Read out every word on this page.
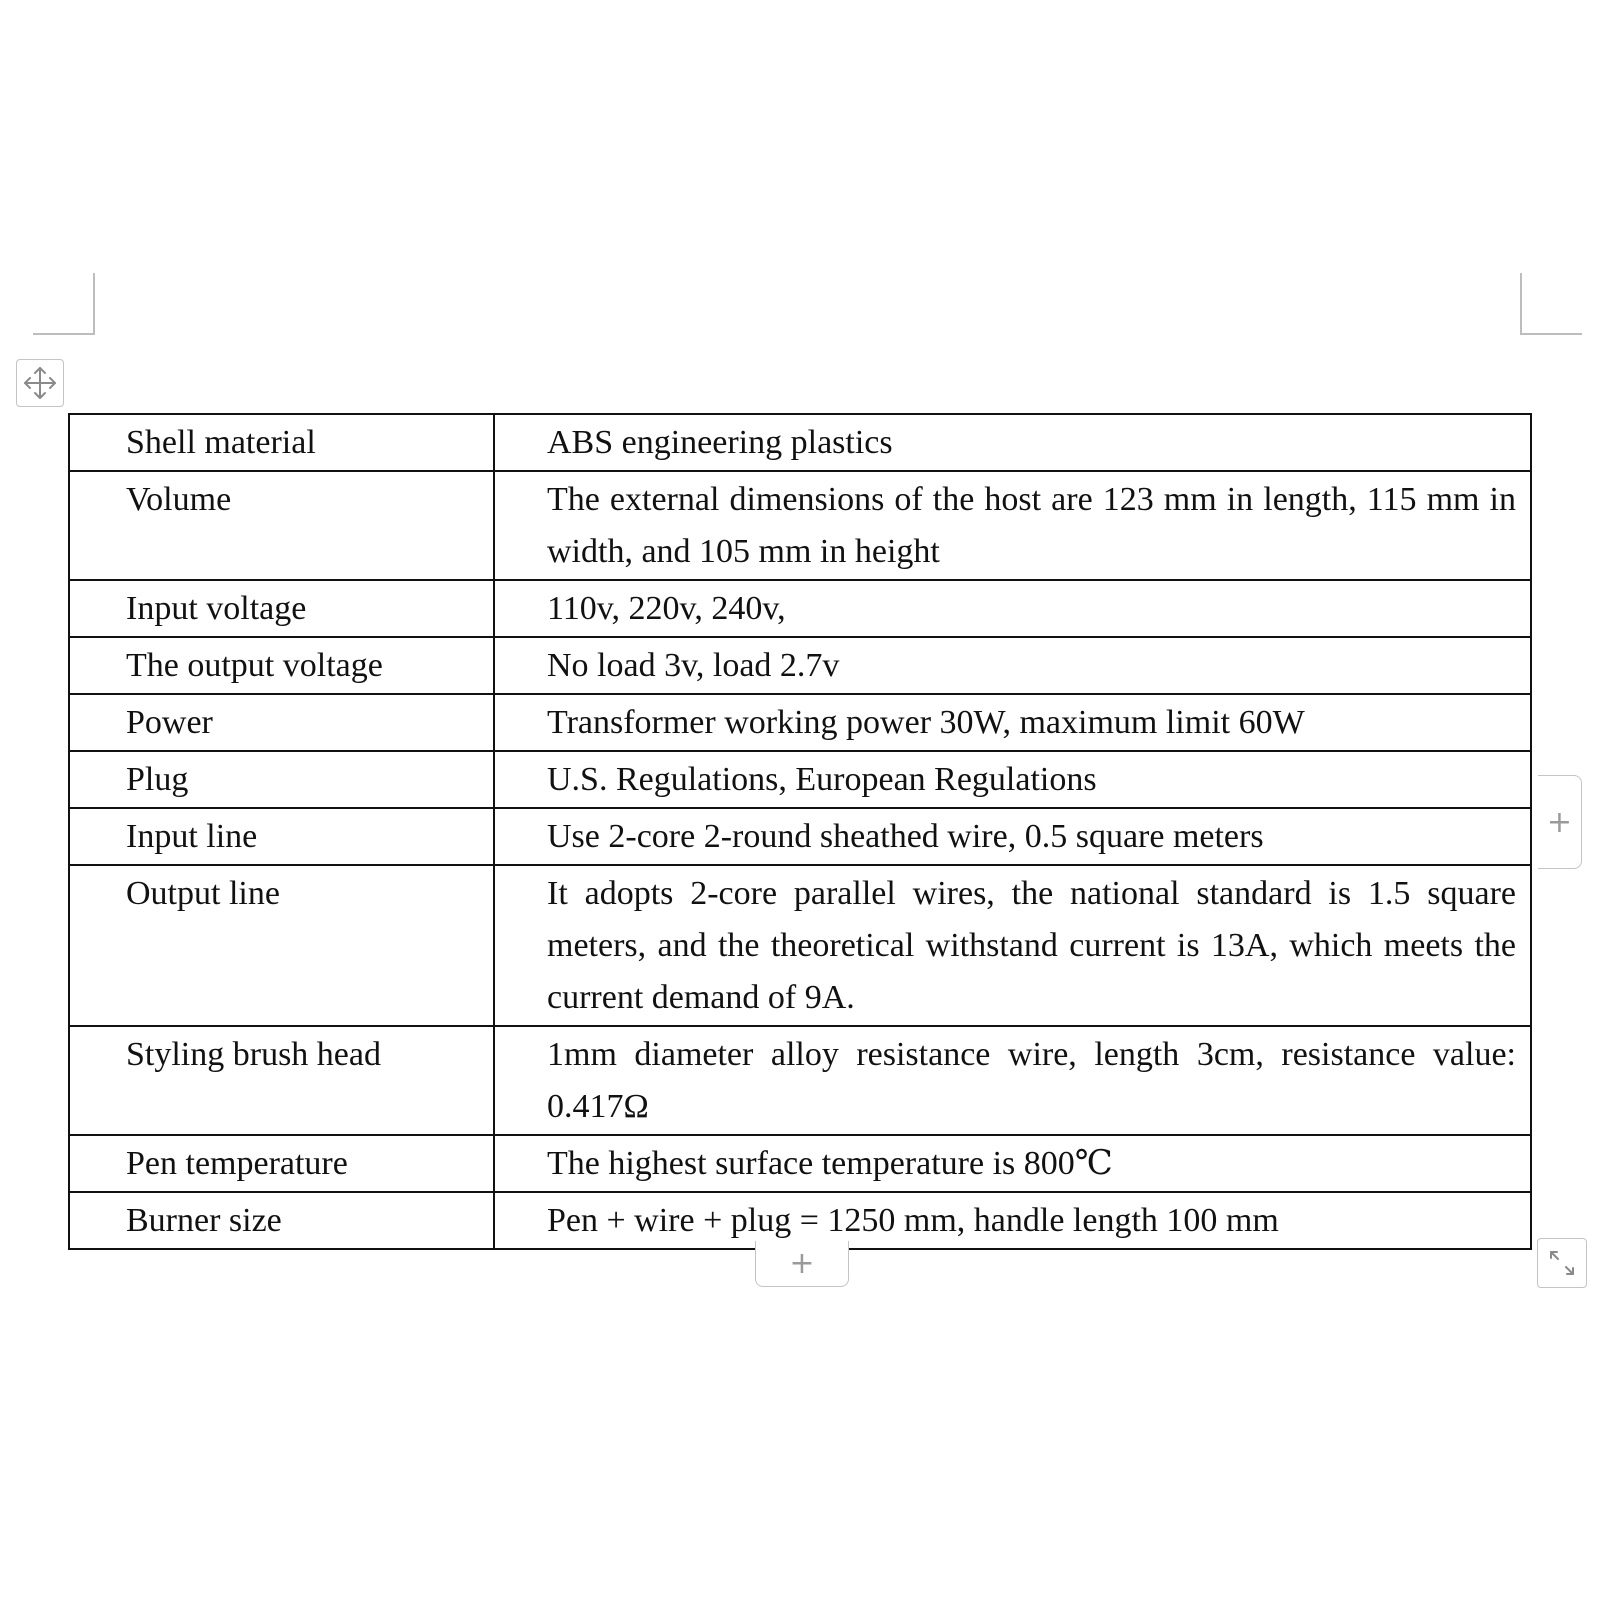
Shell material	ABS engineering plastics
Volume	The external dimensions of the host are 123 mm in length, 115 mm in width, and 105 mm in height
Input voltage	110v, 220v, 240v,
The output voltage	No load 3v, load 2.7v
Power	Transformer working power 30W, maximum limit 60W
Plug	U.S. Regulations, European Regulations
Input line	Use 2-core 2-round sheathed wire, 0.5 square meters
Output line	It adopts 2-core parallel wires, the national standard is 1.5 square meters, and the theoretical withstand current is 13A, which meets the current demand of 9A.
Styling brush head	1mm diameter alloy resistance wire, length 3cm, resistance value: 0.417Ω
Pen temperature	The highest surface temperature is 800℃
Burner size	Pen + wire + plug = 1250 mm, handle length 100 mm
+
+
